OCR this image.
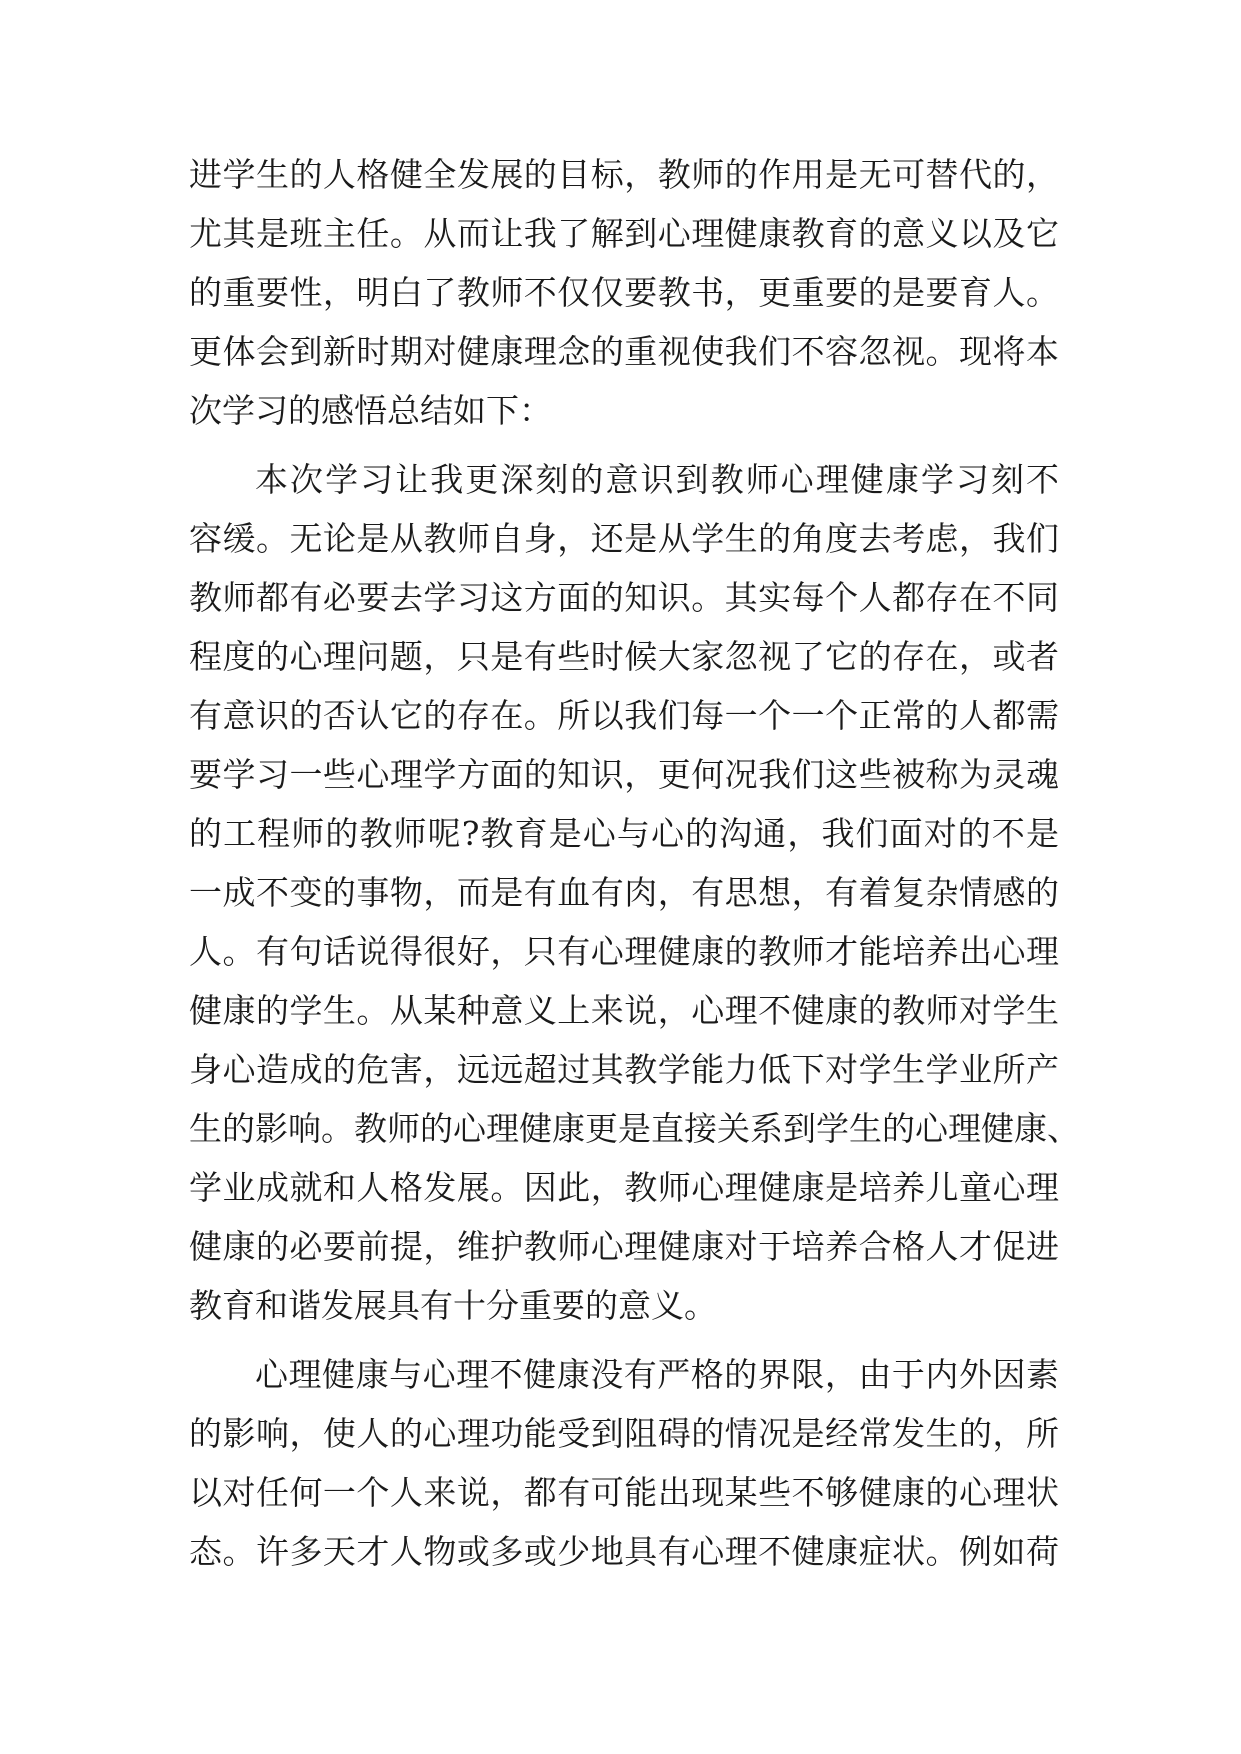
进学生的人格健全发展的目标，教师的作用是无可替代的，
尤其是班主任。从而让我了解到心理健康教育的意义以及它
的重要性，明白了教师不仅仅要教书，更重要的是要育人。
更体会到新时期对健康理念的重视使我们不容忽视。现将本
次学习的感悟总结如下：
本次学习让我更深刻的意识到教师心理健康学习刻不
容缓。无论是从教师自身，还是从学生的角度去考虑，我们
教师都有必要去学习这方面的知识。其实每个人都存在不同
程度的心理问题，只是有些时候大家忽视了它的存在，或者
有意识的否认它的存在。所以我们每一个一个正常的人都需
要学习一些心理学方面的知识，更何况我们这些被称为灵魂
的工程师的教师呢?教育是心与心的沟通，我们面对的不是
一成不变的事物，而是有血有肉，有思想，有着复杂情感的
人。有句话说得很好，只有心理健康的教师才能培养出心理
健康的学生。从某种意义上来说，心理不健康的教师对学生
身心造成的危害，远远超过其教学能力低下对学生学业所产
生的影响。教师的心理健康更是直接关系到学生的心理健康、
学业成就和人格发展。因此，教师心理健康是培养儿童心理
健康的必要前提，维护教师心理健康对于培养合格人才促进
教育和谐发展具有十分重要的意义。
心理健康与心理不健康没有严格的界限，由于内外因素
的影响，使人的心理功能受到阻碍的情况是经常发生的，所
以对任何一个人来说，都有可能出现某些不够健康的心理状
态。许多天才人物或多或少地具有心理不健康症状。例如荷
